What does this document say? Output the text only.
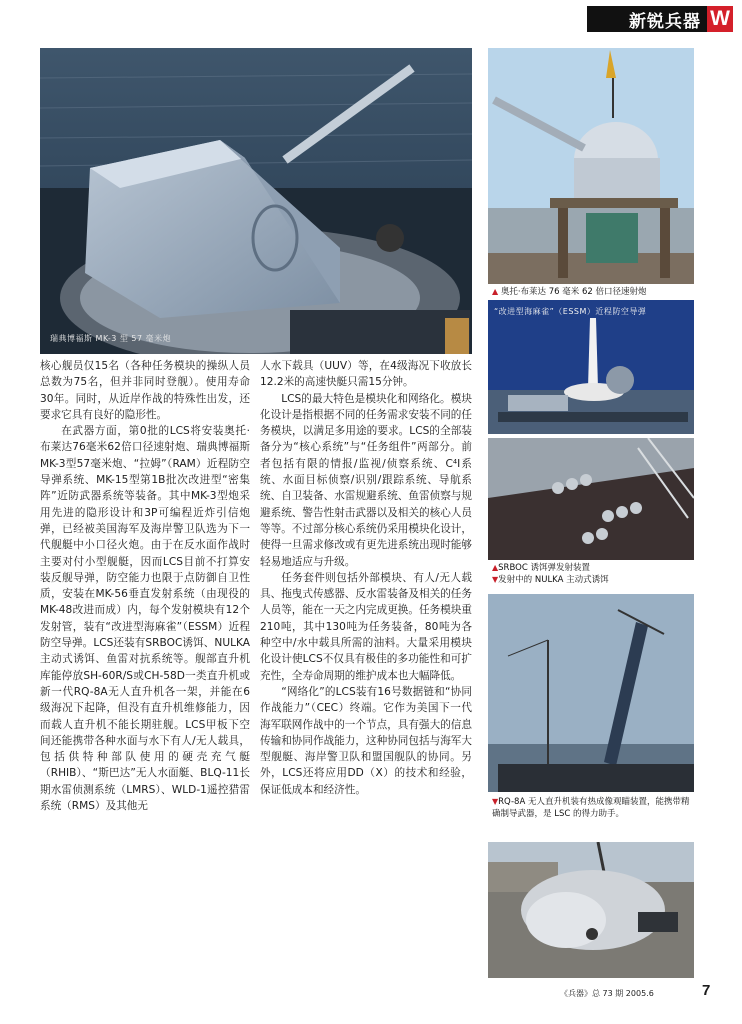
新锐兵器 W
瑞典博福斯 MK-3 型 57 毫米炮
▲ 奥托·布莱达 76 毫米 62 倍口径速射炮
“改进型海麻雀”（ESSM）近程防空导弹
▲SRBOC 诱饵弹发射装置
▼发射中的 NULKA 主动式诱饵
▼RQ-8A 无人直升机装有热成像观瞄装置，能携带精确制导武器，是 LSC 的得力助手。

核心舰员仅15名（各种任务模块的操纵人员总数为75名，但并非同时登舰）。使用寿命30年。同时，从近岸作战的特殊性出发，还要求它具有良好的隐形性。

在武器方面，第0批的LCS将安装奥托·布莱达76毫米62倍口径速射炮、瑞典博福斯 MK-3型57毫米炮、“拉姆”（RAM）近程防空导弹系统、MK-15型第1B批次改进型“密集阵”近防武器系统等装备。其中MK-3型炮采用先进的隐形设计和3P可编程近炸引信炮弹，已经被美国海军及海岸警卫队选为下一代舰艇中小口径火炮。由于在反水面作战时主要对付小型舰艇，因而LCS目前不打算安装反舰导弹，防空能力也限于点防御自卫性质，安装在MK-56垂直发射系统（由现役的MK-48改进而成）内，每个发射模块有12个发射管，装有“改进型海麻雀”（ESSM）近程防空导弹。LCS还装有SRBOC诱饵、NULKA主动式诱饵、鱼雷对抗系统等。舰部直升机库能停放SH-60R/S或CH-58D一类直升机或新一代RQ-8A无人直升机各一架，并能在6级海况下起降，但没有直升机维修能力，因而载人直升机不能长期驻舰。LCS甲板下空间还能携带各种水面与水下有人/无人载具，包括供特种部队使用的硬壳充气艇（RHIB）、“斯巴达”无人水面艇、BLQ-11长期水雷侦测系统（LMRS）、WLD-1遥控猎雷系统（RMS）及其他无

人水下载具（UUV）等，在4级海况下收放长12.2米的高速快艇只需15分钟。

LCS的最大特色是模块化和网络化。模块化设计是指根据不同的任务需求安装不同的任务模块，以满足多用途的要求。LCS的全部装备分为“核心系统”与“任务组件”两部分。前者包括有限的情报/监视/侦察系统、C⁴I系统、水面目标侦察/识别/跟踪系统、导航系统、自卫装备、水雷规避系统、鱼雷侦察与规避系统、警告性射击武器以及相关的核心人员等等。不过部分核心系统仍采用模块化设计，使得一旦需求修改或有更先进系统出现时能够轻易地适应与升级。

任务套件则包括外部模块、有人/无人载具、拖曳式传感器、反水雷装备及相关的任务人员等，能在一天之内完成更换。任务模块重210吨，其中130吨为任务装备，80吨为各种空中/水中载具所需的油料。大量采用模块化设计使LCS不仅具有极佳的多功能性和可扩充性，全寿命周期的维护成本也大幅降低。

“网络化”的LCS装有16号数据链和“协同作战能力”（CEC）终端。它作为美国下一代海军联网作战中的一个节点，具有强大的信息传输和协同作战能力，这种协同包括与海军大型舰艇、海岸警卫队和盟国舰队的协同。另外，LCS还将应用DD（X）的技术和经验，保证低成本和经济性。

《兵器》总 73 期 2005.6	7
